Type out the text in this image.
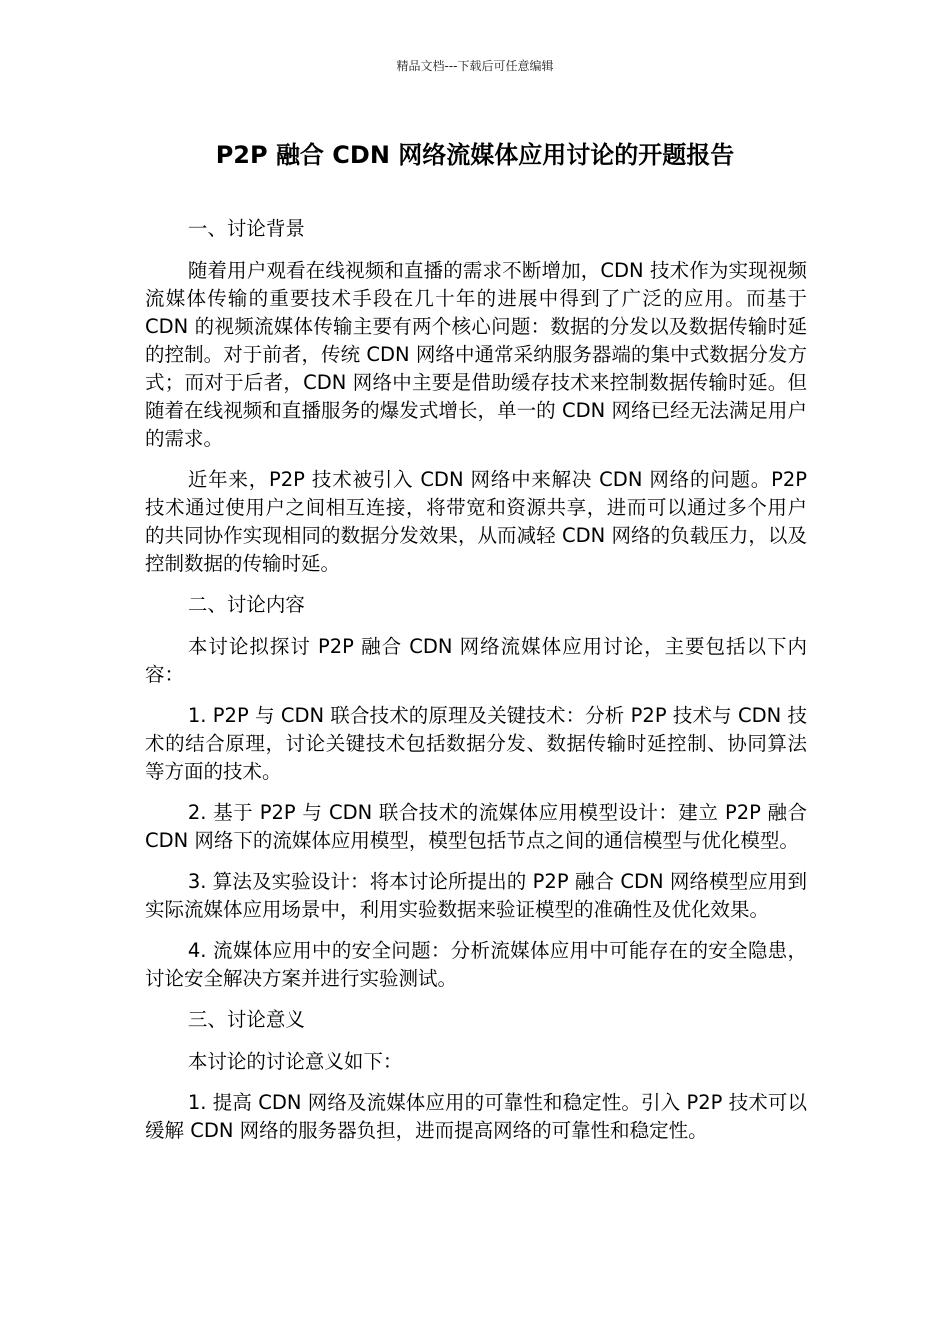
精品文档---下载后可任意编辑
P2P 融合 CDN 网络流媒体应用讨论的开题报告

一、讨论背景

随着用户观看在线视频和直播的需求不断增加，CDN 技术作为实现视频流媒体传输的重要技术手段在几十年的进展中得到了广泛的应用。而基于 CDN 的视频流媒体传输主要有两个核心问题：数据的分发以及数据传输时延的控制。对于前者，传统 CDN 网络中通常采纳服务器端的集中式数据分发方式；而对于后者，CDN 网络中主要是借助缓存技术来控制数据传输时延。但随着在线视频和直播服务的爆发式增长，单一的 CDN 网络已经无法满足用户的需求。

近年来，P2P 技术被引入 CDN 网络中来解决 CDN 网络的问题。P2P 技术通过使用户之间相互连接，将带宽和资源共享，进而可以通过多个用户的共同协作实现相同的数据分发效果，从而减轻 CDN 网络的负载压力，以及控制数据的传输时延。

二、讨论内容

本讨论拟探讨 P2P 融合 CDN 网络流媒体应用讨论，主要包括以下内容：

1. P2P 与 CDN 联合技术的原理及关键技术：分析 P2P 技术与 CDN 技术的结合原理，讨论关键技术包括数据分发、数据传输时延控制、协同算法等方面的技术。

2. 基于 P2P 与 CDN 联合技术的流媒体应用模型设计：建立 P2P 融合 CDN 网络下的流媒体应用模型，模型包括节点之间的通信模型与优化模型。

3. 算法及实验设计：将本讨论所提出的 P2P 融合 CDN 网络模型应用到实际流媒体应用场景中，利用实验数据来验证模型的准确性及优化效果。

4. 流媒体应用中的安全问题：分析流媒体应用中可能存在的安全隐患，讨论安全解决方案并进行实验测试。

三、讨论意义

本讨论的讨论意义如下：

1. 提高 CDN 网络及流媒体应用的可靠性和稳定性。引入 P2P 技术可以缓解 CDN 网络的服务器负担，进而提高网络的可靠性和稳定性。
